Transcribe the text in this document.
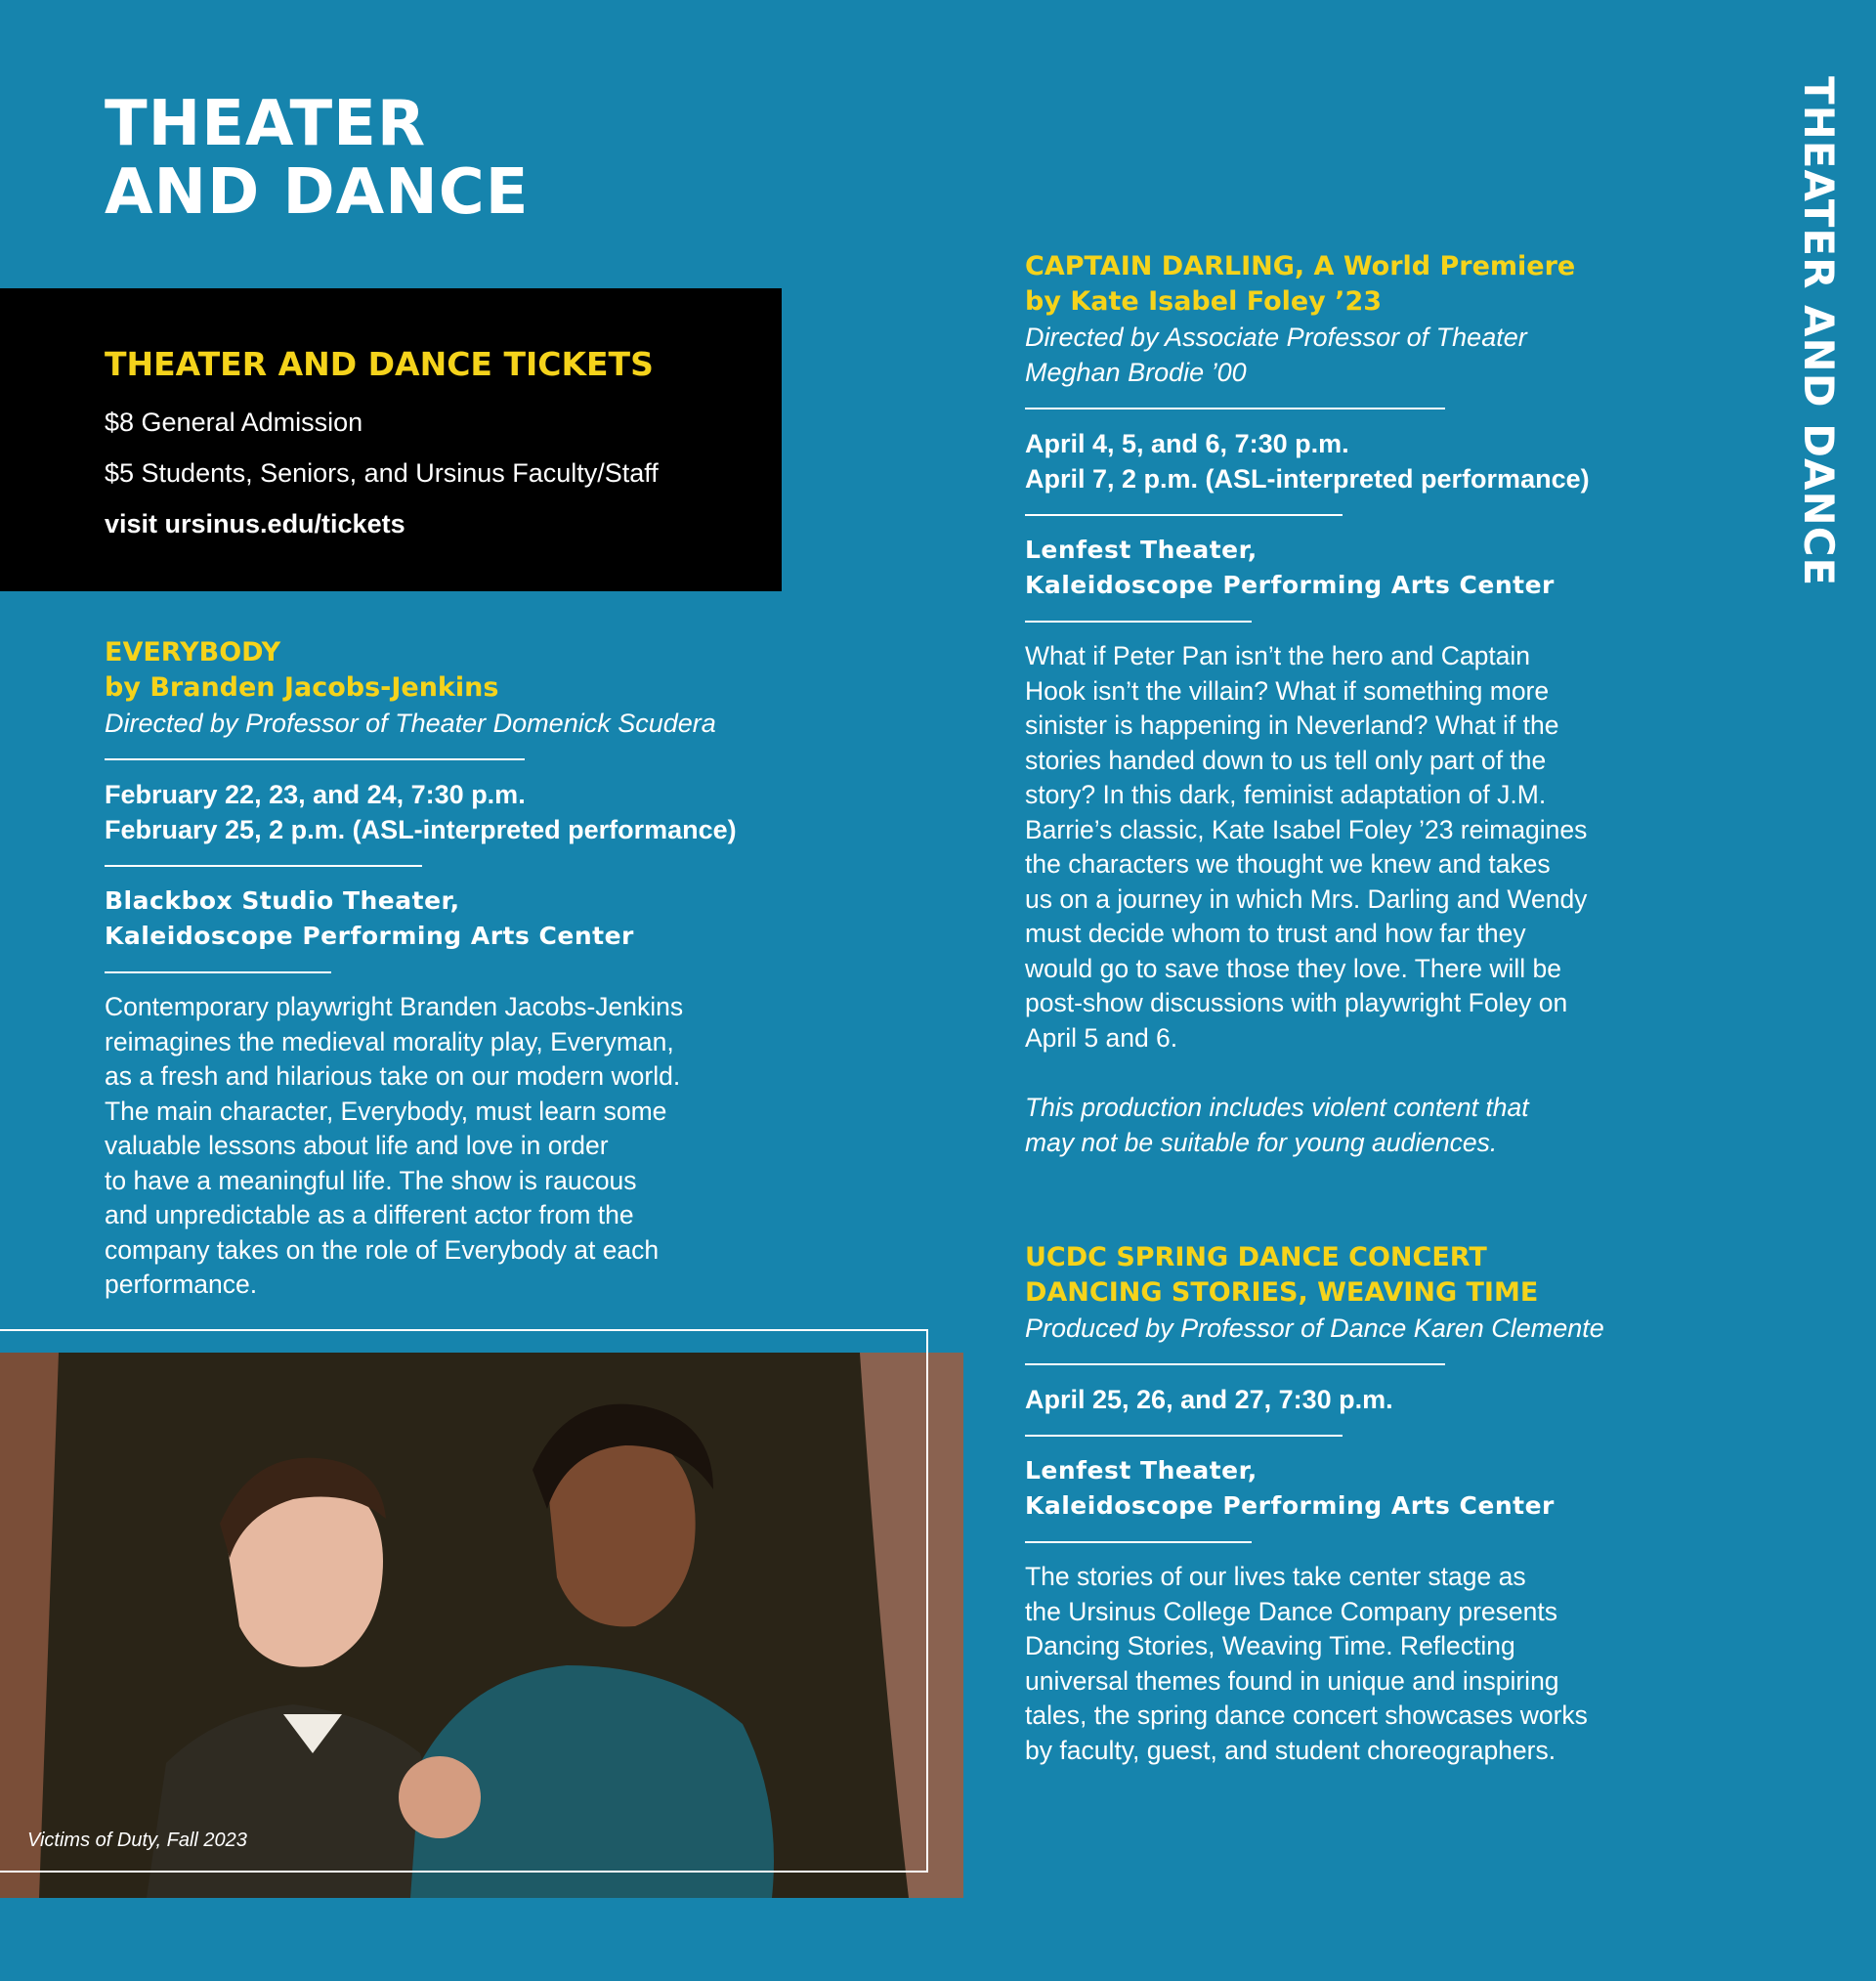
THEATER
AND DANCE	THEATER AND DANCE
THEATER AND DANCE TICKETS
$8 General Admission
$5 Students, Seniors, and Ursinus Faculty/Staff
visit ursinus.edu/tickets
EVERYBODY
by Branden Jacobs-Jenkins
Directed by Professor of Theater Domenick Scudera
February 22, 23, and 24, 7:30 p.m.
February 25, 2 p.m. (ASL-interpreted performance)
Blackbox Studio Theater,
Kaleidoscope Performing Arts Center

Contemporary playwright Branden Jacobs-Jenkins

reimagines the medieval morality play, Everyman,

as a fresh and hilarious take on our modern world.

The main character, Everybody, must learn some

valuable lessons about life and love in order

to have a meaningful life. The show is raucous

and unpredictable as a different actor from the

company takes on the role of Everybody at each

performance.

Victims of Duty, Fall 2023
CAPTAIN DARLING, A World Premiere
by Kate Isabel Foley ’23
Directed by Associate Professor of Theater
Meghan Brodie ’00
April 4, 5, and 6, 7:30 p.m.
April 7, 2 p.m. (ASL-interpreted performance)
Lenfest Theater,
Kaleidoscope Performing Arts Center

What if Peter Pan isn’t the hero and Captain

Hook isn’t the villain? What if something more

sinister is happening in Neverland? What if the

stories handed down to us tell only part of the

story? In this dark, feminist adaptation of J.M.

Barrie’s classic, Kate Isabel Foley ’23 reimagines

the characters we thought we knew and takes

us on a journey in which Mrs. Darling and Wendy

must decide whom to trust and how far they

would go to save those they love. There will be

post-show discussions with playwright Foley on

April 5 and 6.

This production includes violent content that

may not be suitable for young audiences.

UCDC SPRING DANCE CONCERT
DANCING STORIES, WEAVING TIME
Produced by Professor of Dance Karen Clemente
April 25, 26, and 27, 7:30 p.m.
Lenfest Theater,
Kaleidoscope Performing Arts Center

The stories of our lives take center stage as

the Ursinus College Dance Company presents

Dancing Stories, Weaving Time. Reflecting

universal themes found in unique and inspiring

tales, the spring dance concert showcases works

by faculty, guest, and student choreographers.
